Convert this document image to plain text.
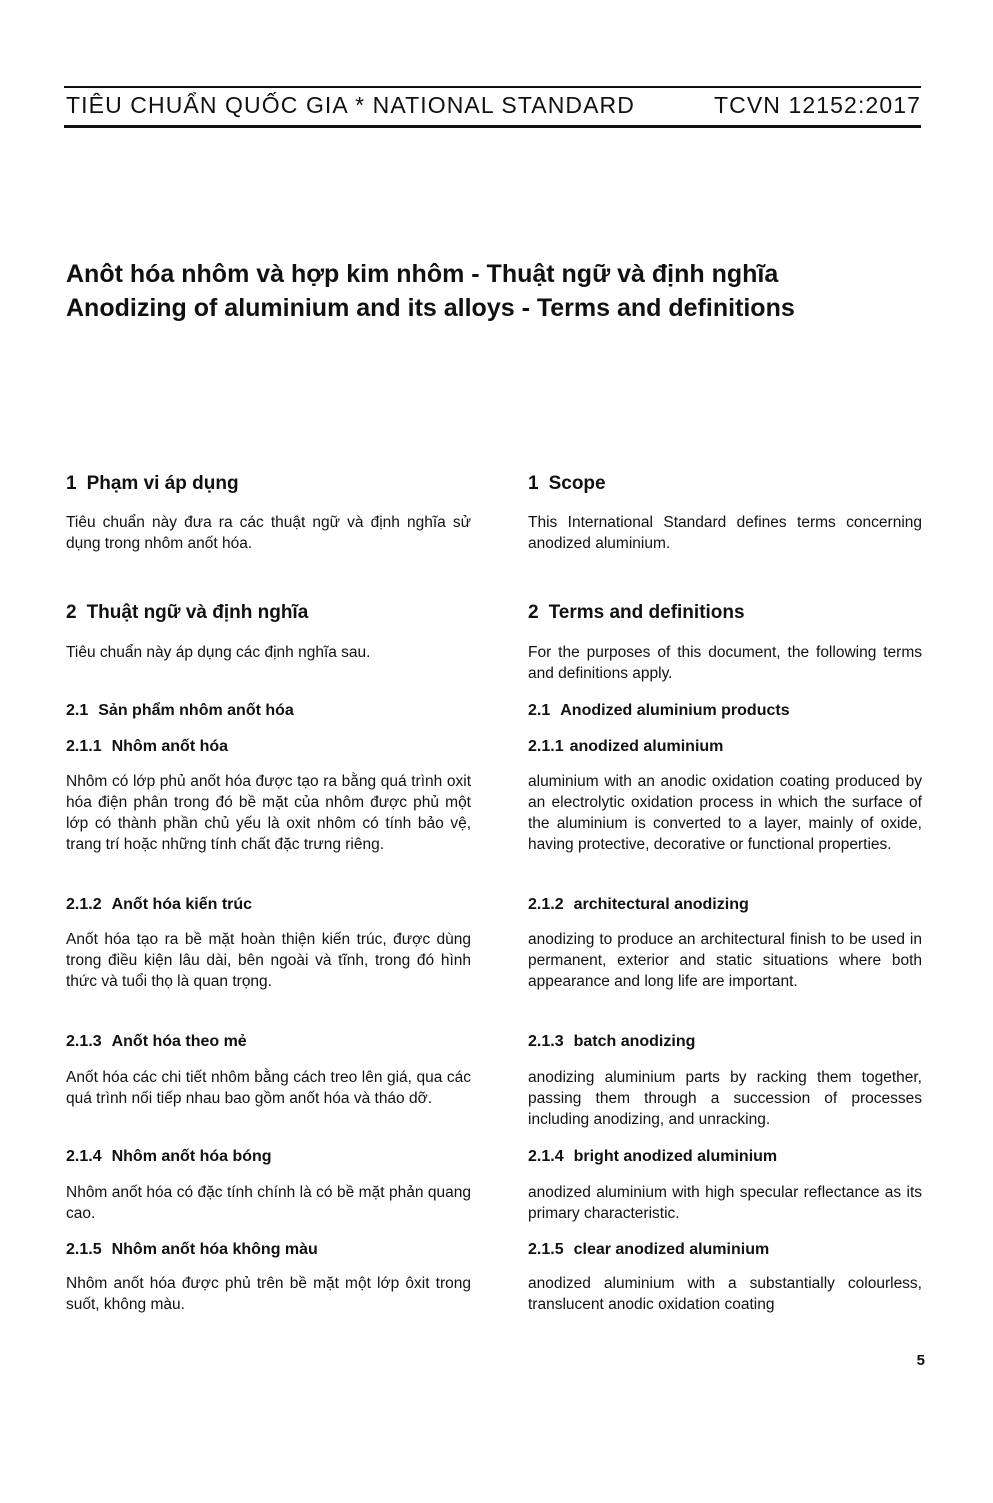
TIÊU CHUẨN QUỐC GIA * NATIONAL STANDARD	TCVN 12152:2017
Anôt hóa nhôm và hợp kim nhôm - Thuật ngữ và định nghĩa
Anodizing of aluminium and its alloys - Terms and definitions
1 Phạm vi áp dụng
Tiêu chuẩn này đưa ra các thuật ngữ và định nghĩa sử dụng trong nhôm anốt hóa.
2 Thuật ngữ và định nghĩa
Tiêu chuẩn này áp dụng các định nghĩa sau.
2.1 Sản phẩm nhôm anốt hóa
2.1.1 Nhôm anốt hóa
Nhôm có lớp phủ anốt hóa được tạo ra bằng quá trình oxit hóa điện phân trong đó bề mặt của nhôm được phủ một lớp có thành phần chủ yếu là oxit nhôm có tính bảo vệ, trang trí hoặc những tính chất đặc trưng riêng.
2.1.2 Anốt hóa kiến trúc
Anốt hóa tạo ra bề mặt hoàn thiện kiến trúc, được dùng trong điều kiện lâu dài, bên ngoài và tĩnh, trong đó hình thức và tuổi thọ là quan trọng.
2.1.3 Anốt hóa theo mẻ
Anốt hóa các chi tiết nhôm bằng cách treo lên giá, qua các quá trình nối tiếp nhau bao gồm anốt hóa và tháo dỡ.
2.1.4 Nhôm anốt hóa bóng
Nhôm anốt hóa có đặc tính chính là có bề mặt phản quang cao.
2.1.5 Nhôm anốt hóa không màu
Nhôm anốt hóa được phủ trên bề mặt một lớp ôxit trong suốt, không màu.
1 Scope
This International Standard defines terms concerning anodized aluminium.
2 Terms and definitions
For the purposes of this document, the following terms and definitions apply.
2.1 Anodized aluminium products
2.1.1 anodized aluminium
aluminium with an anodic oxidation coating produced by an electrolytic oxidation process in which the surface of the aluminium is converted to a layer, mainly of oxide, having protective, decorative or functional properties.
2.1.2 architectural anodizing
anodizing to produce an architectural finish to be used in permanent, exterior and static situations where both appearance and long life are important.
2.1.3 batch anodizing
anodizing aluminium parts by racking them together, passing them through a succession of processes including anodizing, and unracking.
2.1.4 bright anodized aluminium
anodized aluminium with high specular reflectance as its primary characteristic.
2.1.5 clear anodized aluminium
anodized aluminium with a substantially colourless, translucent anodic oxidation coating
5
